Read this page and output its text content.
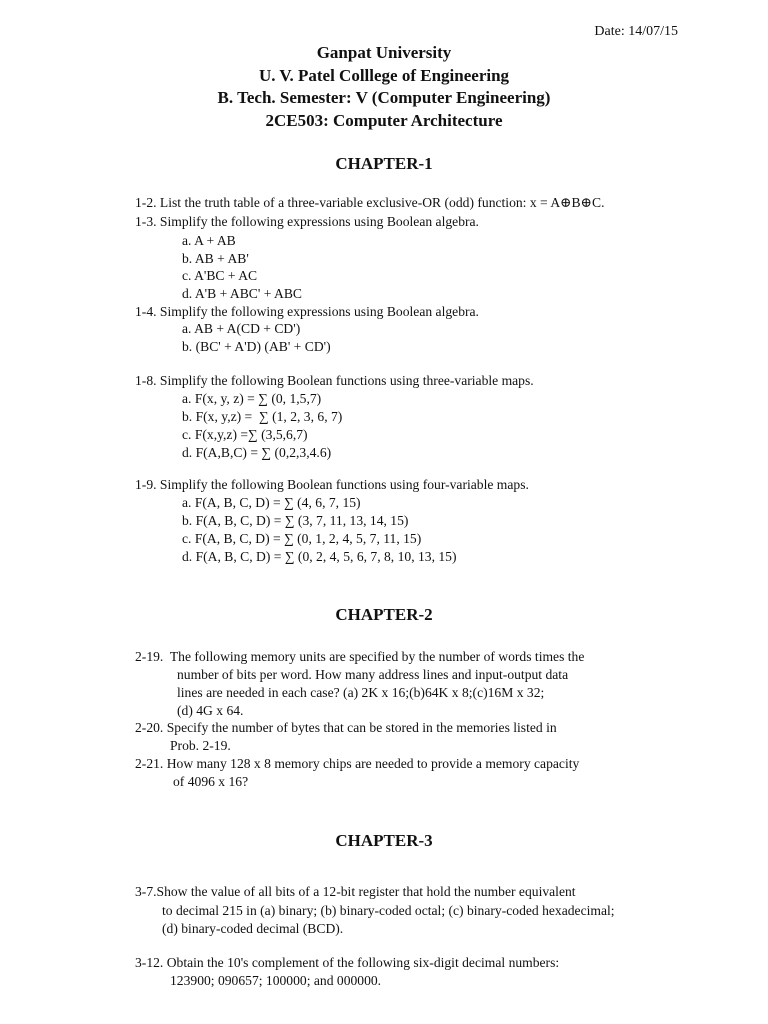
Date: 14/07/15
Ganpat University
U. V. Patel Colllege of Engineering
B. Tech. Semester: V (Computer Engineering)
2CE503: Computer Architecture
CHAPTER-1
1-2. List the truth table of a three-variable exclusive-OR (odd) function: x = A⊕B⊕C.
1-3. Simplify the following expressions using Boolean algebra.
a. A + AB
b. AB + AB'
c. A'BC + AC
d. A'B + ABC' + ABC
1-4. Simplify the following expressions using Boolean algebra.
a. AB + A(CD + CD')
b. (BC' + A'D) (AB' + CD')
1-8. Simplify the following Boolean functions using three-variable maps.
a. F(x, y, z) = ∑ (0, 1,5,7)
b. F(x, y,z) =  ∑ (1, 2, 3, 6, 7)
c. F(x,y,z) =∑ (3,5,6,7)
d. F(A,B,C) = ∑ (0,2,3,4.6)
1-9. Simplify the following Boolean functions using four-variable maps.
a. F(A, B, C, D) = ∑ (4, 6, 7, 15)
b. F(A, B, C, D) = ∑ (3, 7, 11, 13, 14, 15)
c. F(A, B, C, D) = ∑ (0, 1, 2, 4, 5, 7, 11, 15)
d. F(A, B, C, D) = ∑ (0, 2, 4, 5, 6, 7, 8, 10, 13, 15)
CHAPTER-2
2-19.  The following memory units are specified by the number of words times the
number of bits per word. How many address lines and input-output data
lines are needed in each case? (a) 2K x 16;(b)64K x 8;(c)16M x 32;
(d) 4G x 64.
2-20. Specify the number of bytes that can be stored in the memories listed in
Prob. 2-19.
2-21. How many 128 x 8 memory chips are needed to provide a memory capacity
of 4096 x 16?
CHAPTER-3
3-7.Show the value of all bits of a 12-bit register that hold the number equivalent
to decimal 215 in (a) binary; (b) binary-coded octal; (c) binary-coded hexadecimal;
(d) binary-coded decimal (BCD).
3-12. Obtain the 10's complement of the following six-digit decimal numbers:
123900; 090657; 100000; and 000000.
